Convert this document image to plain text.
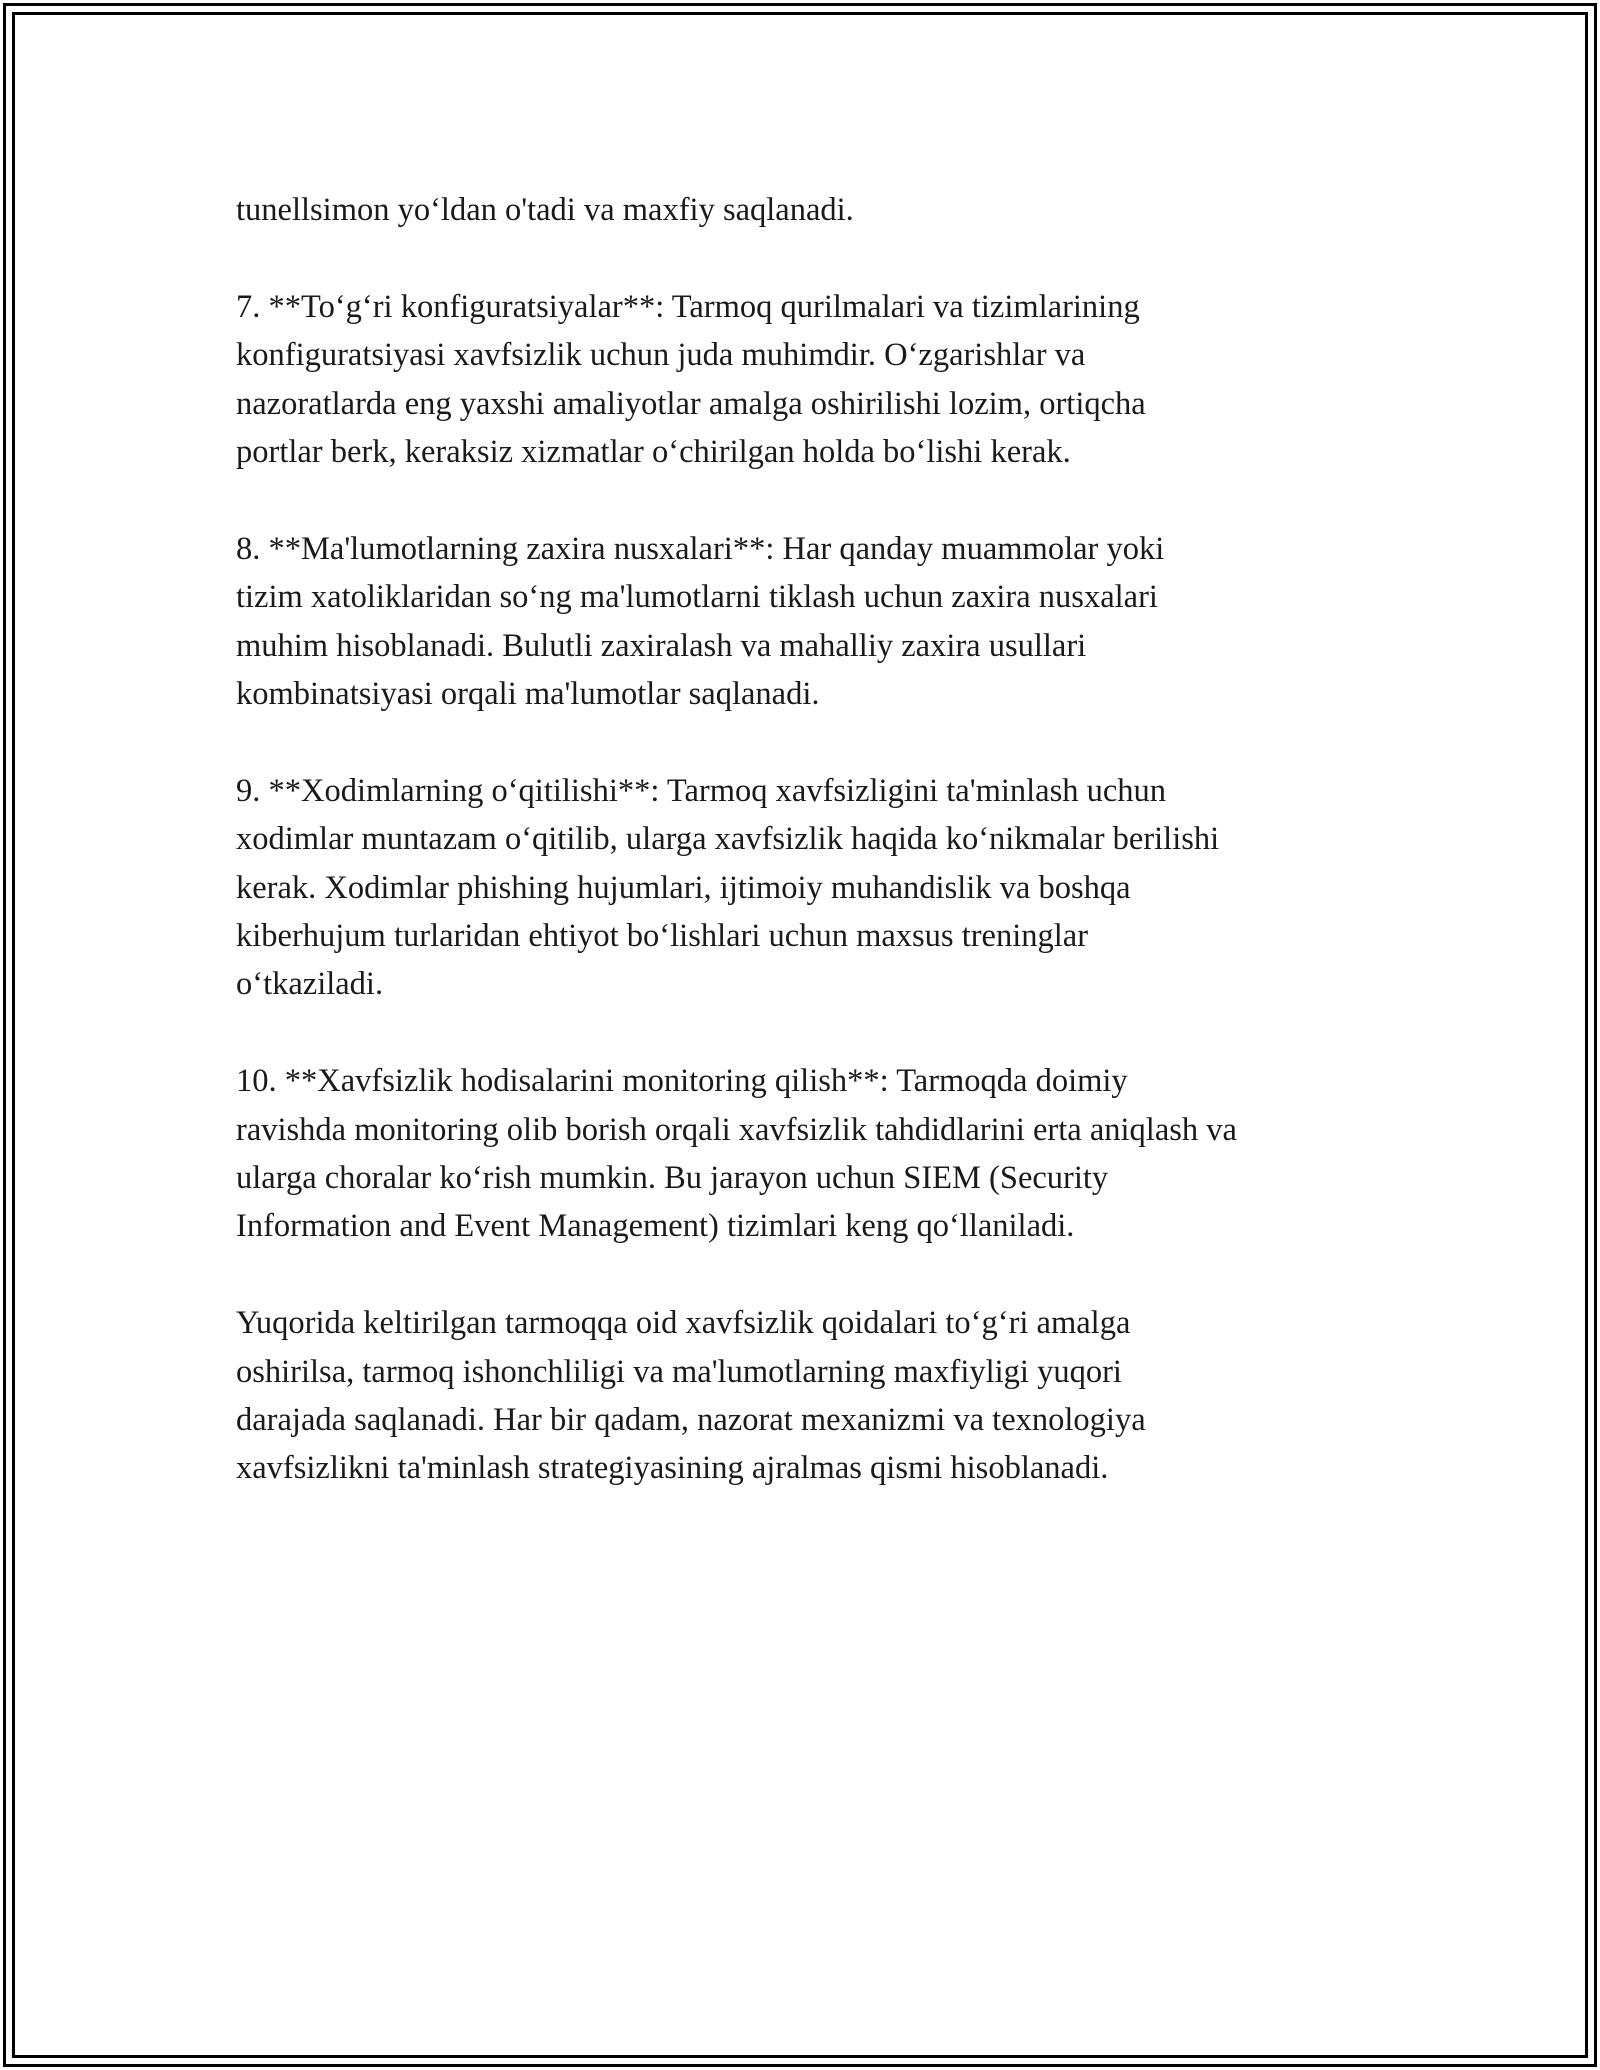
tunellsimon yo‘ldan o'tadi va maxfiy saqlanadi.

7. **To‘g‘ri konfiguratsiyalar**: Tarmoq qurilmalari va tizimlarining
konfiguratsiyasi xavfsizlik uchun juda muhimdir. O‘zgarishlar va
nazoratlarda eng yaxshi amaliyotlar amalga oshirilishi lozim, ortiqcha
portlar berk, keraksiz xizmatlar o‘chirilgan holda bo‘lishi kerak.

8. **Ma'lumotlarning zaxira nusxalari**: Har qanday muammolar yoki
tizim xatoliklaridan so‘ng ma'lumotlarni tiklash uchun zaxira nusxalari
muhim hisoblanadi. Bulutli zaxiralash va mahalliy zaxira usullari
kombinatsiyasi orqali ma'lumotlar saqlanadi.

9. **Xodimlarning o‘qitilishi**: Tarmoq xavfsizligini ta'minlash uchun
xodimlar muntazam o‘qitilib, ularga xavfsizlik haqida ko‘nikmalar berilishi
kerak. Xodimlar phishing hujumlari, ijtimoiy muhandislik va boshqa
kiberhujum turlaridan ehtiyot bo‘lishlari uchun maxsus treninglar
o‘tkaziladi.

10. **Xavfsizlik hodisalarini monitoring qilish**: Tarmoqda doimiy
ravishda monitoring olib borish orqali xavfsizlik tahdidlarini erta aniqlash va
ularga choralar ko‘rish mumkin. Bu jarayon uchun SIEM (Security
Information and Event Management) tizimlari keng qo‘llaniladi.

Yuqorida keltirilgan tarmoqqa oid xavfsizlik qoidalari to‘g‘ri amalga
oshirilsa, tarmoq ishonchliligi va ma'lumotlarning maxfiyligi yuqori
darajada saqlanadi. Har bir qadam, nazorat mexanizmi va texnologiya
xavfsizlikni ta'minlash strategiyasining ajralmas qismi hisoblanadi.
